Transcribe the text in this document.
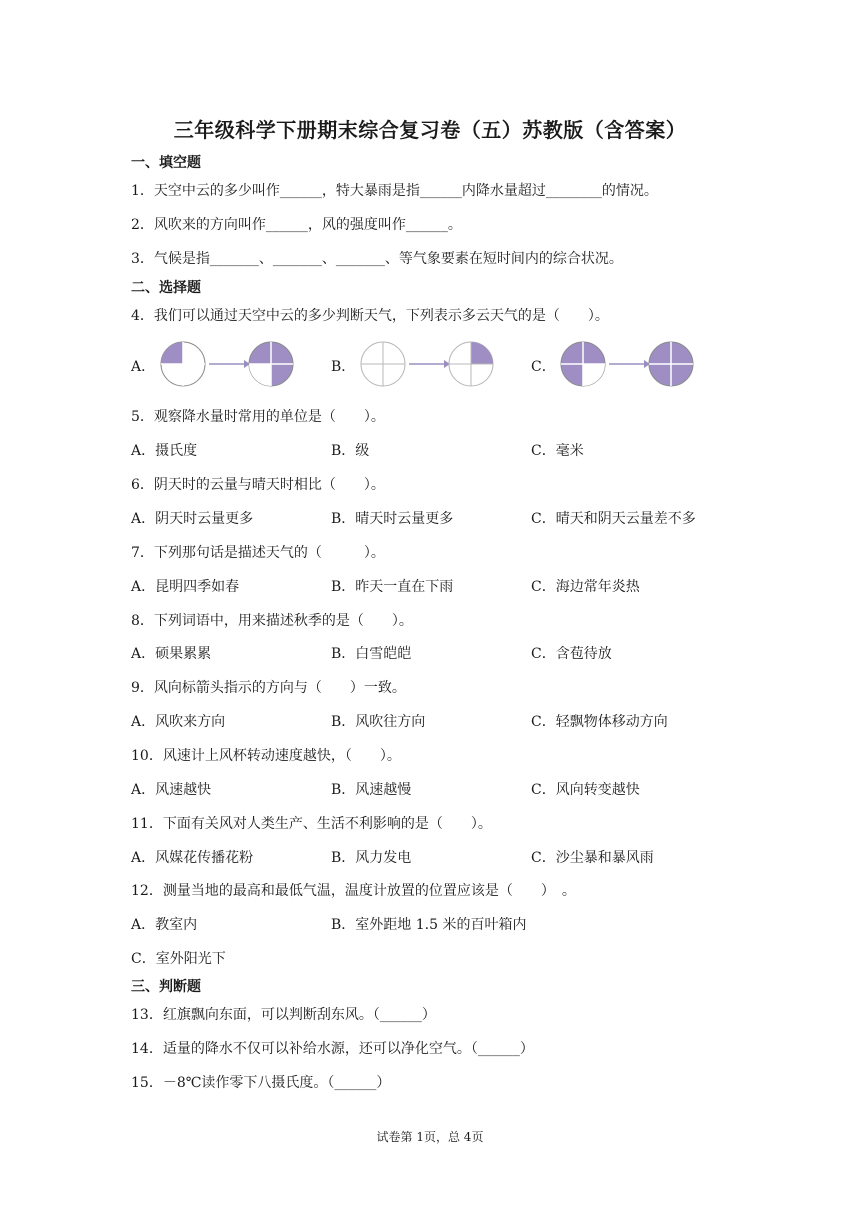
三年级科学下册期末综合复习卷（五）苏教版（含答案）
一、填空题
1．天空中云的多少叫作______，特大暴雨是指______内降水量超过________的情况。
2．风吹来的方向叫作______，风的强度叫作______。
3．气候是指_______、_______、_______、等气象要素在短时间内的综合状况。
二、选择题
4．我们可以通过天空中云的多少判断天气，下列表示多云天气的是（　　）。
A．	B．	C．
5．观察降水量时常用的单位是（　　）。
A．摄氏度	B．级	C．毫米
6．阴天时的云量与晴天时相比（　　）。
A．阴天时云量更多	B．晴天时云量更多	C．晴天和阴天云量差不多
7．下列那句话是描述天气的（　　　）。
A．昆明四季如春	B．昨天一直在下雨	C．海边常年炎热
8．下列词语中，用来描述秋季的是（　　）。
A．硕果累累	B．白雪皑皑	C．含苞待放
9．风向标箭头指示的方向与（　　）一致。
A．风吹来方向	B．风吹往方向	C．轻飘物体移动方向
10．风速计上风杯转动速度越快，（　　）。
A．风速越快	B．风速越慢	C．风向转变越快
11．下面有关风对人类生产、生活不利影响的是（　　）。
A．风媒花传播花粉	B．风力发电	C．沙尘暴和暴风雨
12．测量当地的最高和最低气温，温度计放置的位置应该是（　　）　。
A．教室内	B．室外距地 1.5 米的百叶箱内
C．室外阳光下
三、判断题
13．红旗飘向东面，可以判断刮东风。（______）
14．适量的降水不仅可以补给水源，还可以净化空气。（______）
15．－8℃读作零下八摄氏度。（______）
试卷第 1页，总 4页
